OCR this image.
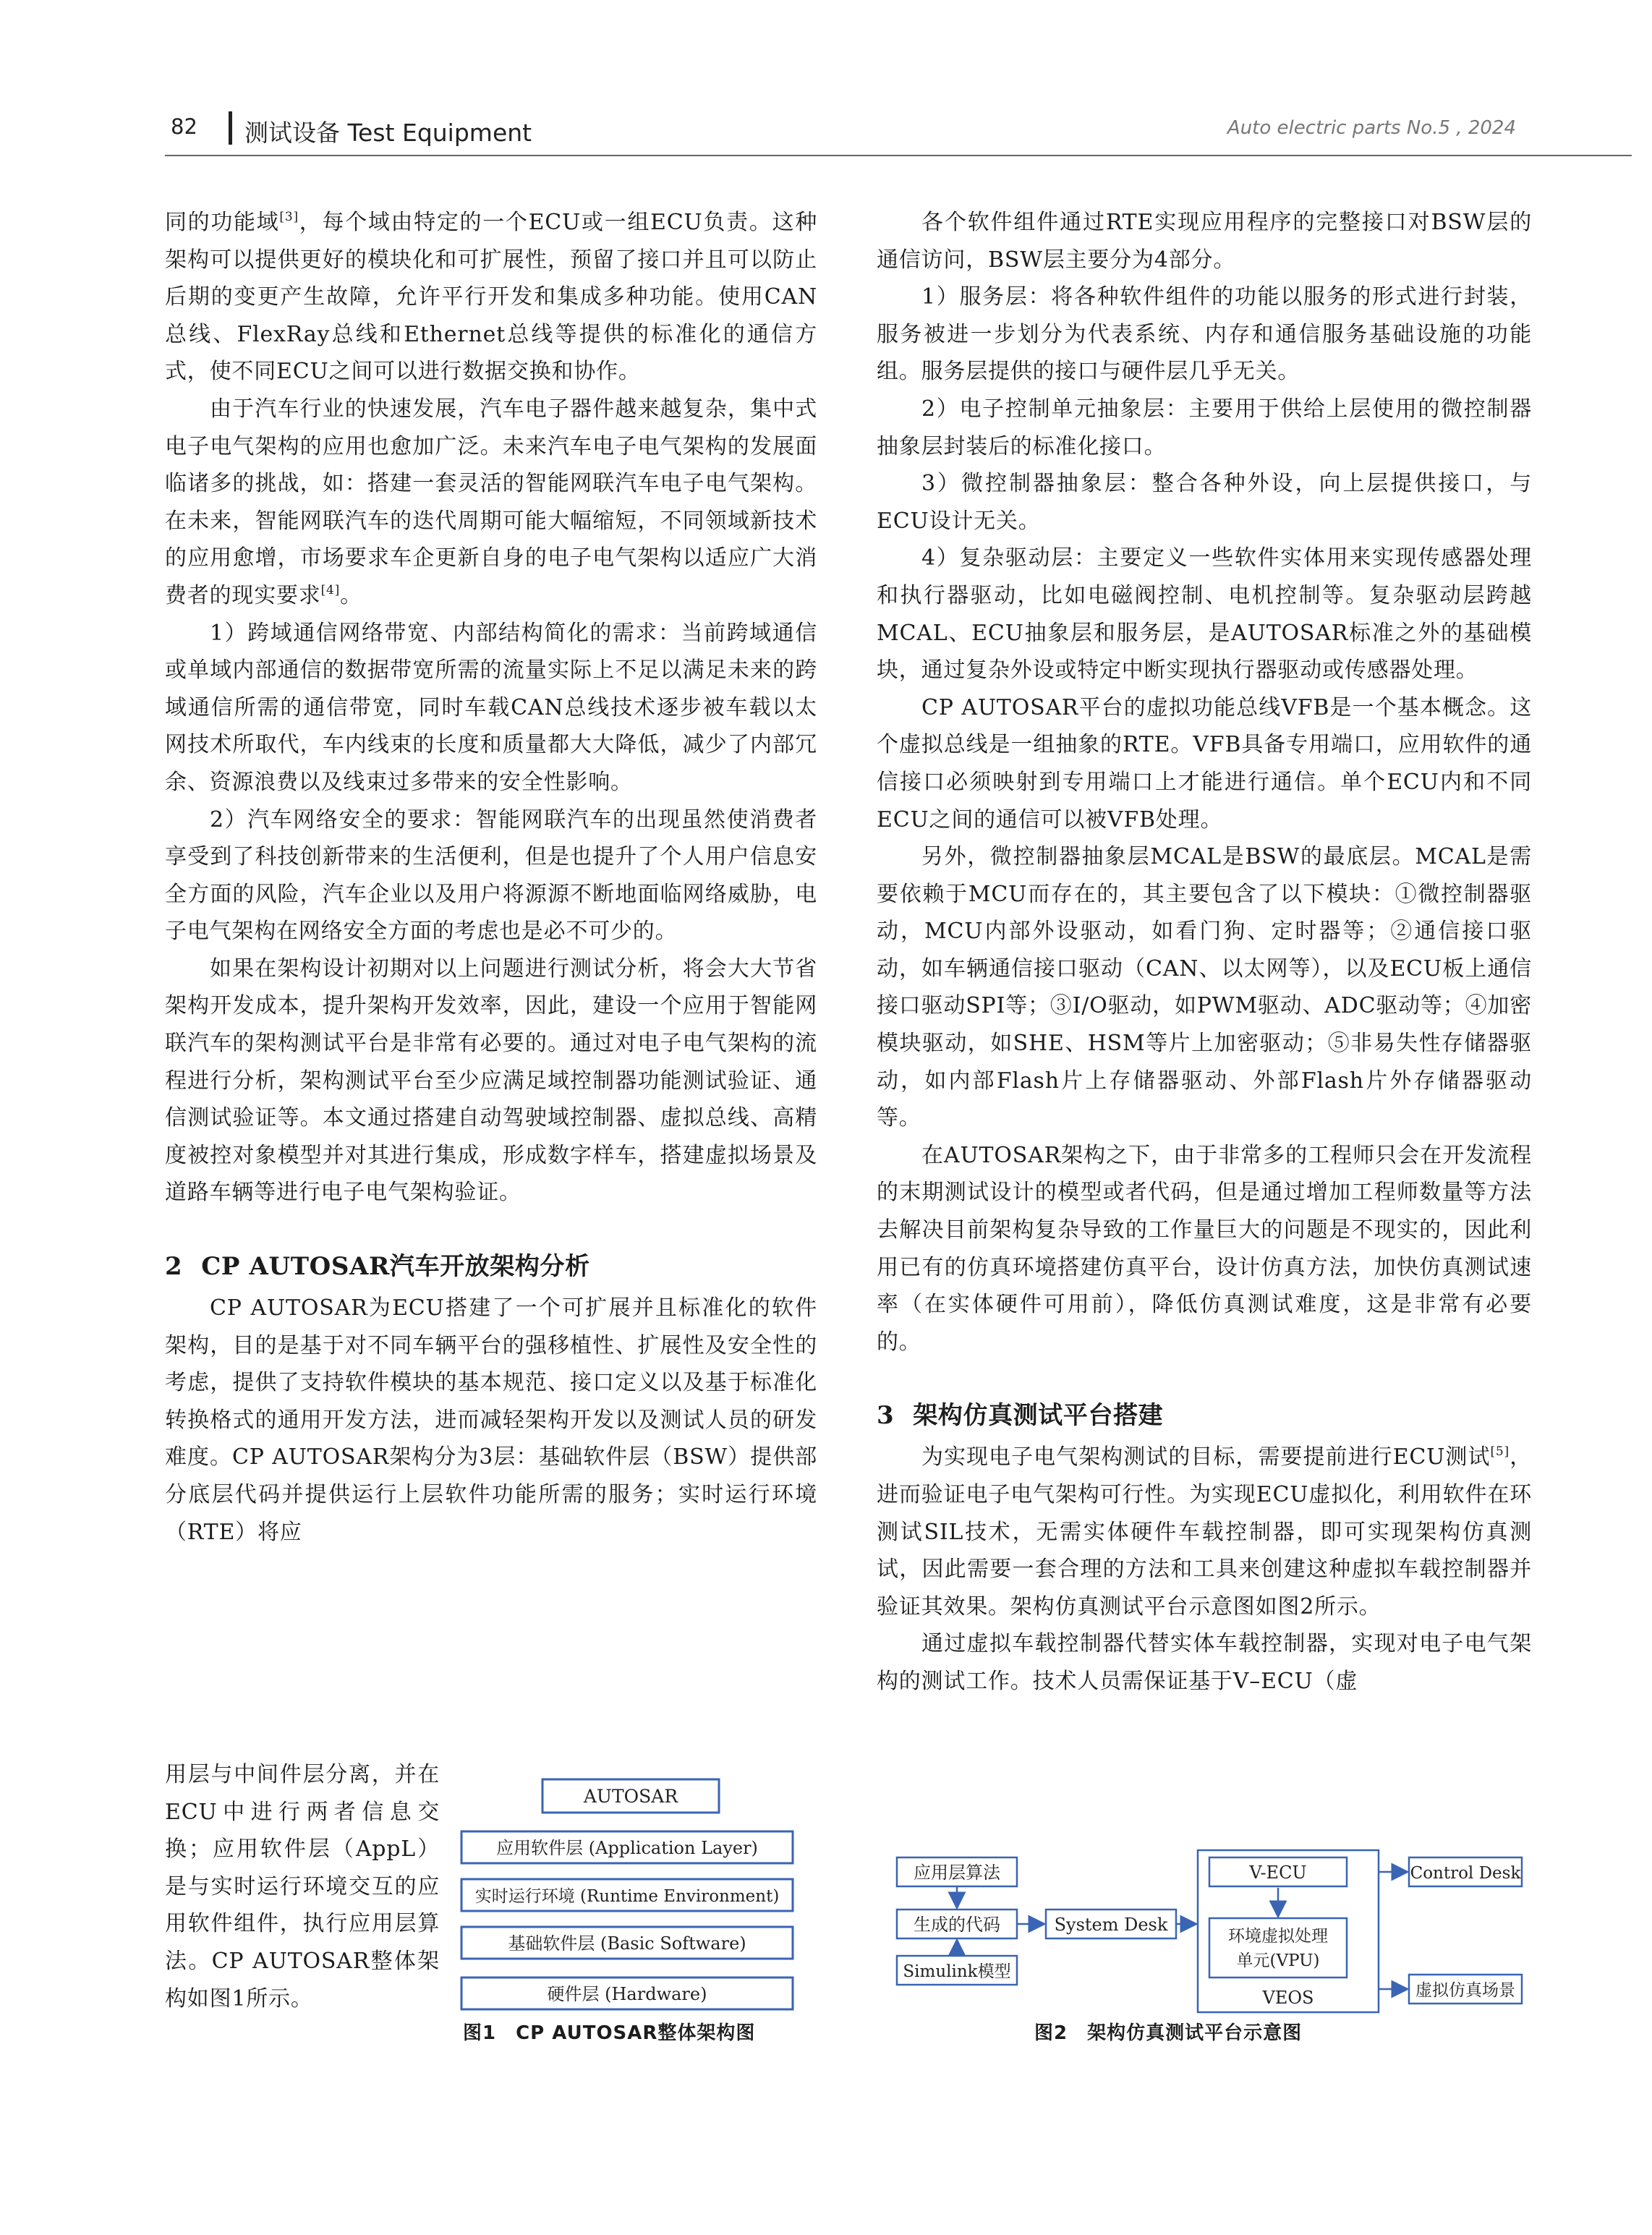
82 测试设备 Test Equipment	Auto electric parts No.5 , 2024

同的功能域[3]，每个域由特定的一个ECU或一组ECU负责。这种架构可以提供更好的模块化和可扩展性，预留了接口并且可以防止后期的变更产生故障，允许平行开发和集成多种功能。使用CAN总线、FlexRay总线和Ethernet总线等提供的标准化的通信方式，使不同ECU之间可以进行数据交换和协作。

由于汽车行业的快速发展，汽车电子器件越来越复杂，集中式电子电气架构的应用也愈加广泛。未来汽车电子电气架构的发展面临诸多的挑战，如：搭建一套灵活的智能网联汽车电子电气架构。在未来，智能网联汽车的迭代周期可能大幅缩短，不同领域新技术的应用愈增，市场要求车企更新自身的电子电气架构以适应广大消费者的现实要求[4]。

1）跨域通信网络带宽、内部结构简化的需求：当前跨域通信或单域内部通信的数据带宽所需的流量实际上不足以满足未来的跨域通信所需的通信带宽，同时车载CAN总线技术逐步被车载以太网技术所取代，车内线束的长度和质量都大大降低，减少了内部冗余、资源浪费以及线束过多带来的安全性影响。

2）汽车网络安全的要求：智能网联汽车的出现虽然使消费者享受到了科技创新带来的生活便利，但是也提升了个人用户信息安全方面的风险，汽车企业以及用户将源源不断地面临网络威胁，电子电气架构在网络安全方面的考虑也是必不可少的。

如果在架构设计初期对以上问题进行测试分析，将会大大节省架构开发成本，提升架构开发效率，因此，建设一个应用于智能网联汽车的架构测试平台是非常有必要的。通过对电子电气架构的流程进行分析，架构测试平台至少应满足域控制器功能测试验证、通信测试验证等。本文通过搭建自动驾驶域控制器、虚拟总线、高精度被控对象模型并对其进行集成，形成数字样车，搭建虚拟场景及道路车辆等进行电子电气架构验证。

2 CP AUTOSAR汽车开放架构分析

CP AUTOSAR为ECU搭建了一个可扩展并且标准化的软件架构，目的是基于对不同车辆平台的强移植性、扩展性及安全性的考虑，提供了支持软件模块的基本规范、接口定义以及基于标准化转换格式的通用开发方法，进而减轻架构开发以及测试人员的研发难度。CP AUTOSAR架构分为3层：基础软件层（BSW）提供部分底层代码并提供运行上层软件功能所需的服务；实时运行环境（RTE）将应

用层与中间件层分离，并在ECU中进行两者信息交换；应用软件层（AppL）是与实时运行环境交互的应用软件组件，执行应用层算法。CP AUTOSAR整体架构如图1所示。

AUTOSAR
应用软件层 (Application Layer)
实时运行环境 (Runtime Environment)
基础软件层 (Basic Software)
硬件层 (Hardware)
图1　CP AUTOSAR整体架构图

各个软件组件通过RTE实现应用程序的完整接口对BSW层的通信访问，BSW层主要分为4部分。

1）服务层：将各种软件组件的功能以服务的形式进行封装，服务被进一步划分为代表系统、内存和通信服务基础设施的功能组。服务层提供的接口与硬件层几乎无关。

2）电子控制单元抽象层：主要用于供给上层使用的微控制器抽象层封装后的标准化接口。

3）微控制器抽象层：整合各种外设，向上层提供接口，与ECU设计无关。

4）复杂驱动层：主要定义一些软件实体用来实现传感器处理和执行器驱动，比如电磁阀控制、电机控制等。复杂驱动层跨越MCAL、ECU抽象层和服务层，是AUTOSAR标准之外的基础模块，通过复杂外设或特定中断实现执行器驱动或传感器处理。

CP AUTOSAR平台的虚拟功能总线VFB是一个基本概念。这个虚拟总线是一组抽象的RTE。VFB具备专用端口，应用软件的通信接口必须映射到专用端口上才能进行通信。单个ECU内和不同ECU之间的通信可以被VFB处理。

另外，微控制器抽象层MCAL是BSW的最底层。MCAL是需要依赖于MCU而存在的，其主要包含了以下模块：①微控制器驱动，MCU内部外设驱动，如看门狗、定时器等；②通信接口驱动，如车辆通信接口驱动（CAN、以太网等），以及ECU板上通信接口驱动SPI等；③I/O驱动，如PWM驱动、ADC驱动等；④加密模块驱动，如SHE、HSM等片上加密驱动；⑤非易失性存储器驱动，如内部Flash片上存储器驱动、外部Flash片外存储器驱动等。

在AUTOSAR架构之下，由于非常多的工程师只会在开发流程的末期测试设计的模型或者代码，但是通过增加工程师数量等方法去解决目前架构复杂导致的工作量巨大的问题是不现实的，因此利用已有的仿真环境搭建仿真平台，设计仿真方法，加快仿真测试速率（在实体硬件可用前），降低仿真测试难度，这是非常有必要的。

3 架构仿真测试平台搭建

为实现电子电气架构测试的目标，需要提前进行ECU测试[5]，进而验证电子电气架构可行性。为实现ECU虚拟化，利用软件在环测试SIL技术，无需实体硬件车载控制器，即可实现架构仿真测试，因此需要一套合理的方法和工具来创建这种虚拟车载控制器并验证其效果。架构仿真测试平台示意图如图2所示。

通过虚拟车载控制器代替实体车载控制器，实现对电子电气架构的测试工作。技术人员需保证基于V–ECU（虚

应用层算法
生成的代码
Simulink模型
System Desk
VEOS
V-ECU
环境虚拟处理
单元(VPU)
Control Desk
虚拟仿真场景
图2　架构仿真测试平台示意图
